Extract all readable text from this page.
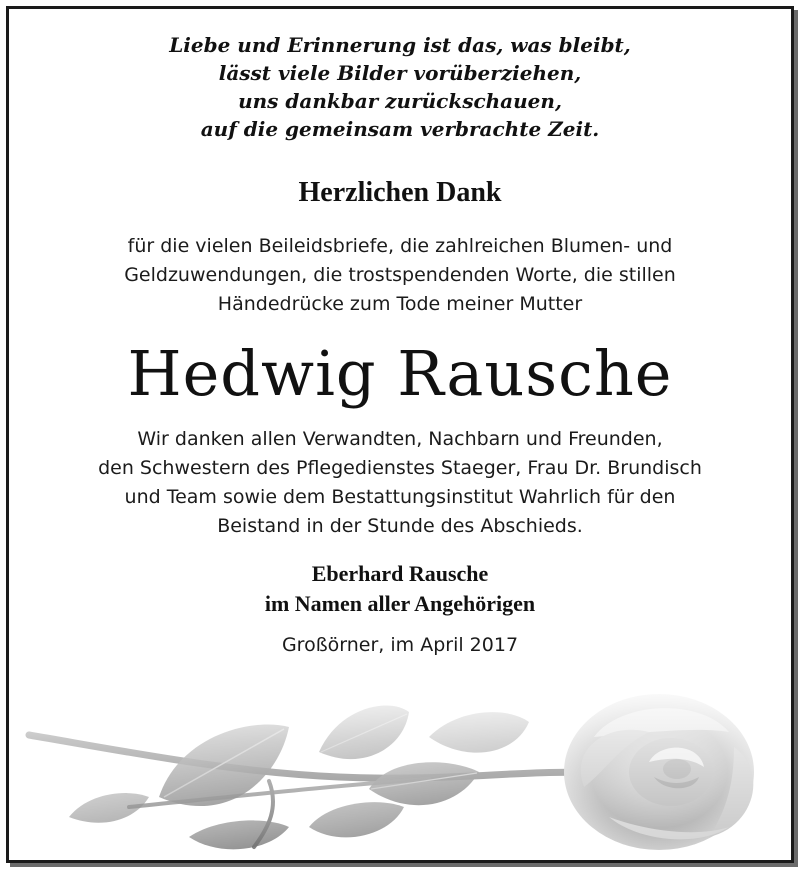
Liebe und Erinnerung ist das, was bleibt,
lässt viele Bilder vorüberziehen,
uns dankbar zurückschauen,
auf die gemeinsam verbrachte Zeit.
Herzlichen Dank
für die vielen Beileidsbriefe, die zahlreichen Blumen- und
Geldzuwendungen, die trostspendenden Worte, die stillen
Händedrücke zum Tode meiner Mutter
Hedwig Rausche
Wir danken allen Verwandten, Nachbarn und Freunden,
den Schwestern des Pflegedienstes Staeger, Frau Dr. Brundisch
und Team sowie dem Bestattungsinstitut Wahrlich für den
Beistand in der Stunde des Abschieds.
Eberhard Rausche
im Namen aller Angehörigen
Großörner, im April 2017
